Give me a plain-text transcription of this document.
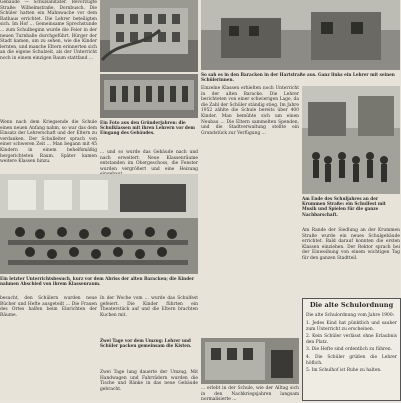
Gebäude — Schulsanitäter. Bevorzugte Straße: Wilhelmstraße, Dornbusch. Die Schüler hatten ein Mahnwache vor dem Rathaus errichtet. Die Lehrer beteiligten sich. Im Hof ... Gemeinsame Sprechstunde ... zum Schulbeginn wurde die Feier in der neuen Turnhalle durchgeführt. Bürger der Stadt kamen, um zu sehen, wie die Kinder lernten, und manche Eltern erinnerten sich an die eigene Schulzeit, als der Unterricht noch in einem einzigen Raum stattfand ...
So sah es in den Baracken in der Hartstraße aus. Ganz links ein Lehrer mit seinen Schülerinnen.
Wenn nach dem Kriegsende die Schule einen neuen Anfang nahm, so war das dem Einsatz der Lehrerschaft und der Eltern zu verdanken. Der Schulleiter sprach von einer schweren Zeit ... Man begann mit 45 Kindern in einem behelfsmäßig hergerichteten Raum. Später kamen weitere Klassen hinzu.
Ein Foto aus den Gründerjahren: die Schulklassen mit ihren Lehrern vor dem Eingang des Gebäudes.
... und so wurde das Gebäude nach und nach erweitert. Neue Klassenräume entstanden im Obergeschoss, die Fenster wurden vergrößert und eine Heizung
Einzelne Klassen erhielten noch Unterricht in der alten Baracke. Die Lehrer berichteten von einer schwierigen Lage, da die Zahl der Schüler ständig stieg. Im Jahre 1952 zählte die Schule bereits über 400 Kinder. Man bemühte sich um einen Neubau ... Die Eltern sammelten Spenden, und die Stadtverwaltung stellte ein Grundstück zur Verfügung ...
Am Ende des Schuljahres an der Krummen Straße: ein Schulfest mit Musik und Spielen für die ganze Nachbarschaft.
Am Rande der Siedlung an der Krummen Straße wurde ein neues Schulgebäude errichtet. Bald darauf konnten die ersten Klassen einziehen. Der Rektor sprach bei der Einweihung von einem wichtigen Tag für den ganzen Stadtteil.
Ein letzter Unterrichtsbesuch, kurz vor dem Abriss der alten Baracken; die Kinder nahmen Abschied von ihrem Klassenraum.
besucht, den Schülern wurden neue Bücher und Hefte ausgeteilt ... Die Frauen des Ortes halfen beim Einrichten der Räume.
In der Woche vom ... wurde das Schulfest gefeiert. Die Kinder führten ein Theaterstück auf und die Eltern brachten Kuchen mit.
Zwei Tage vor dem Umzug: Lehrer und Schüler packen gemeinsam die Kisten.
Zwei Tage lang dauerte der Umzug. Mit Handwagen und Fahrrädern wurden die Tische und Bänke in das neue Gebäude gebracht.	... erlebt in der Schule, wie der Alltag sich in den Nachkriegsjahren langsam normalisierte ...
Die alte Schulordnung
Die alte Schulordnung vom Jahre 1900:
1. Jedes Kind hat pünktlich und sauber zum Unterricht zu erscheinen.
2. Kein Schüler verlässt ohne Erlaubnis den Platz.
3. Die Hefte sind ordentlich zu führen.
4. Die Schüler grüßen die Lehrer höflich.
5. Im Schulhof ist Ruhe zu halten.
